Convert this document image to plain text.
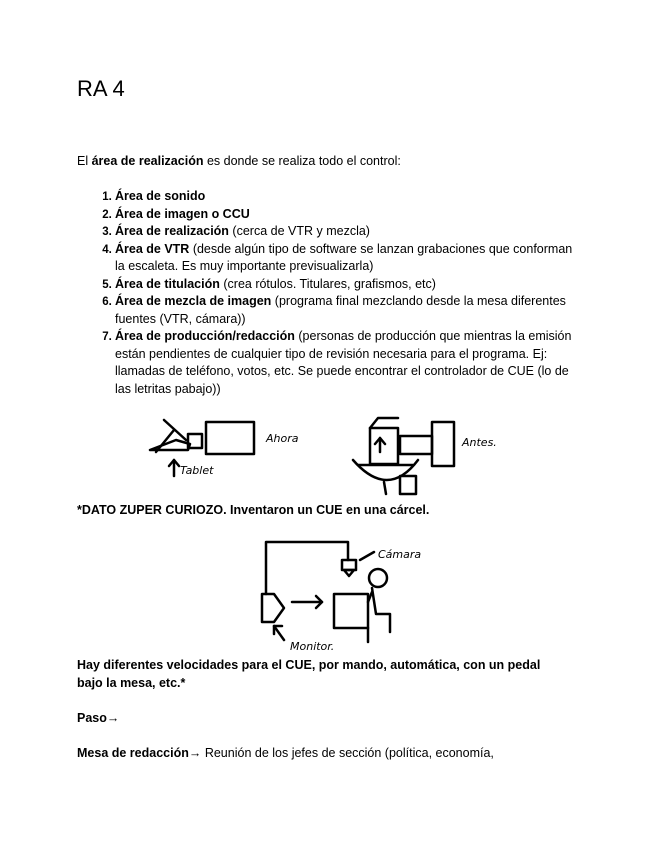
RA 4

El área de realización es donde se realiza todo el control:

1. Área de sonido
2. Área de imagen o CCU
3. Área de realización (cerca de VTR y mezcla)
4. Área de VTR (desde algún tipo de software se lanzan grabaciones que conforman la escaleta. Es muy importante previsualizarla)
5. Área de titulación (crea rótulos. Titulares, grafismos, etc)
6. Área de mezcla de imagen (programa final mezclando desde la mesa diferentes fuentes (VTR, cámara))
7. Área de producción/redacción (personas de producción que mientras la emisión están pendientes de cualquier tipo de revisión necesaria para el programa. Ej: llamadas de teléfono, votos, etc. Se puede encontrar el controlador de CUE (lo de las letritas pabajo))
Ahora
Tablet
Antes.

*DATO ZUPER CURIOZO. Inventaron un CUE en una cárcel.

Cámara
Monitor.

Hay diferentes velocidades para el CUE, por mando, automática, con un pedal bajo la mesa, etc.*

Paso→

Mesa de redacción→ Reunión de los jefes de sección (política, economía,
